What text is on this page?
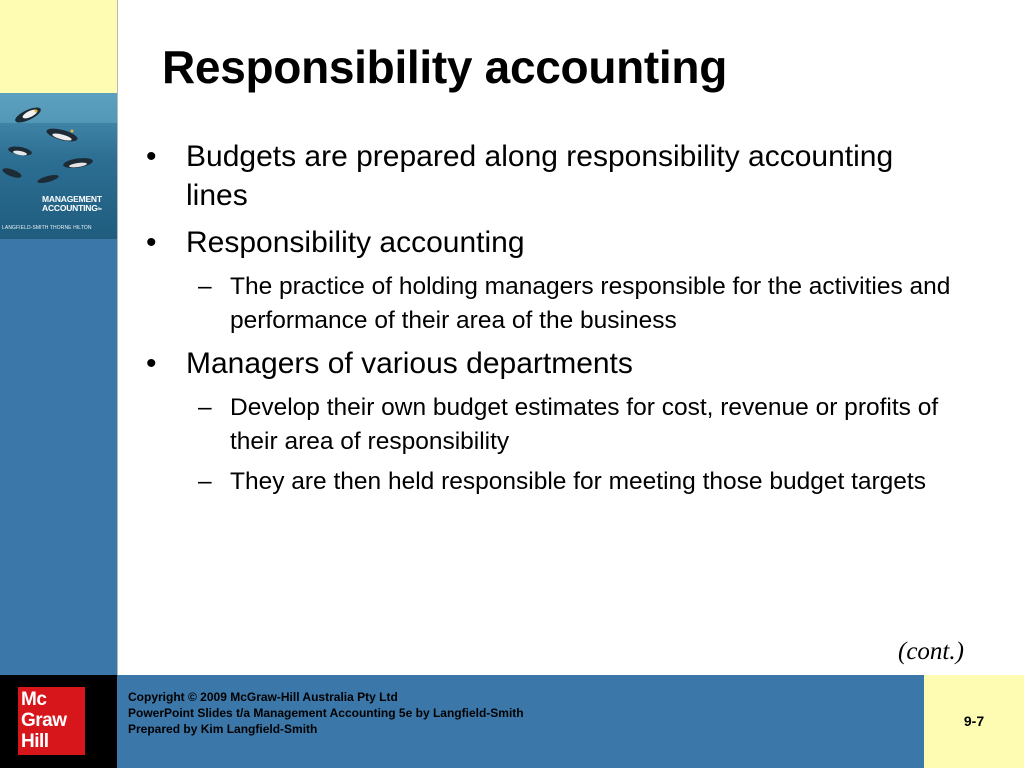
MANAGEMENT
$ACCOUNTING^{5e}$
LANGFIELD-SMITH THORNE HILTON
Responsibility accounting
• Budgets are prepared along responsibility accounting lines
• Responsibility accounting
– The practice of holding managers responsible for the activities and performance of their area of the business
• Managers of various departments
– Develop their own budget estimates for cost, revenue or profits of their area of responsibility
– They are then held responsible for meeting those budget targets

(cont.)

Mc
Graw
Hill
Copyright © 2009 McGraw-Hill Australia Pty Ltd
PowerPoint Slides t/a Management Accounting 5e by Langfield-Smith
Prepared by Kim Langfield-Smith	9-7
